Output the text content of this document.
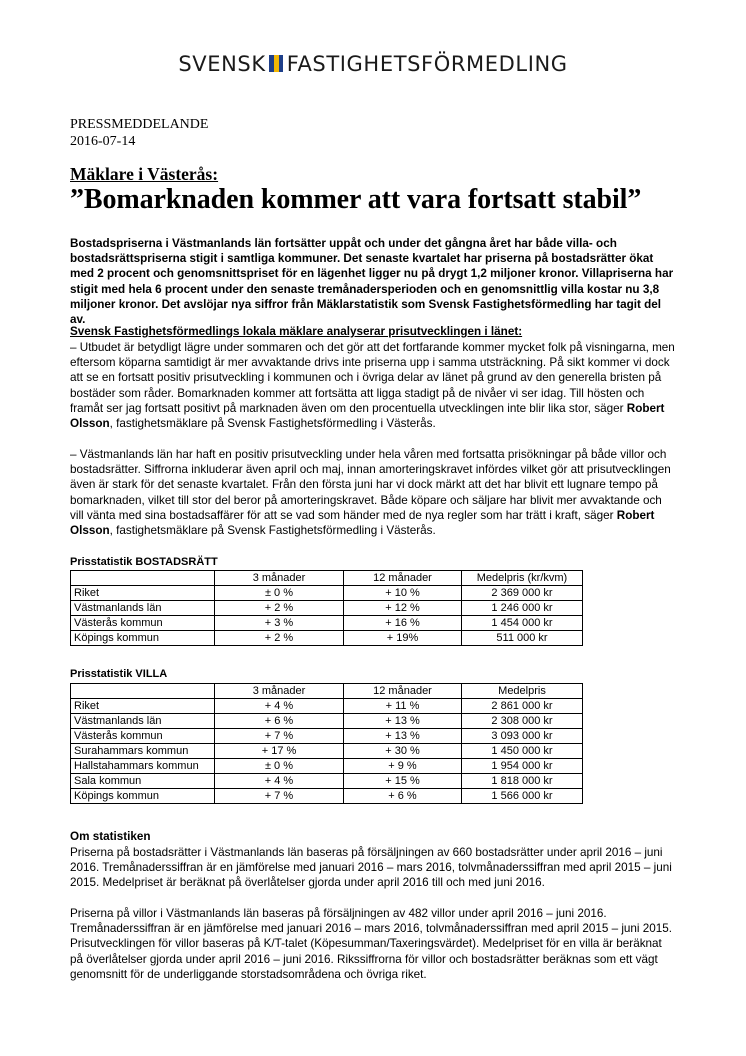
SVENSK FASTIGHETSFÖRMEDLING
PRESSMEDDELANDE
2016-07-14
Mäklare i Västerås:
”Bomarknaden kommer att vara fortsatt stabil”
Bostadspriserna i Västmanlands län fortsätter uppåt och under det gångna året har både villa- och bostadsrättspriserna stigit i samtliga kommuner. Det senaste kvartalet har priserna på bostadsrätter ökat med 2 procent och genomsnittspriset för en lägenhet ligger nu på drygt 1,2 miljoner kronor. Villapriserna har stigit med hela 6 procent under den senaste tremånadersperioden och en genomsnittlig villa kostar nu 3,8 miljoner kronor. Det avslöjar nya siffror från Mäklarstatistik som Svensk Fastighetsförmedling har tagit del av.
Svensk Fastighetsförmedlings lokala mäklare analyserar prisutvecklingen i länet:
– Utbudet är betydligt lägre under sommaren och det gör att det fortfarande kommer mycket folk på visningarna, men eftersom köparna samtidigt är mer avvaktande drivs inte priserna upp i samma utsträckning. På sikt kommer vi dock att se en fortsatt positiv prisutveckling i kommunen och i övriga delar av länet på grund av den generella bristen på bostäder som råder. Bomarknaden kommer att fortsätta att ligga stadigt på de nivåer vi ser idag. Till hösten och framåt ser jag fortsatt positivt på marknaden även om den procentuella utvecklingen inte blir lika stor, säger Robert Olsson, fastighetsmäklare på Svensk Fastighetsförmedling i Västerås.
– Västmanlands län har haft en positiv prisutveckling under hela våren med fortsatta prisökningar på både villor och bostadsrätter. Siffrorna inkluderar även april och maj, innan amorteringskravet infördes vilket gör att prisutvecklingen även är stark för det senaste kvartalet. Från den första juni har vi dock märkt att det har blivit ett lugnare tempo på bomarknaden, vilket till stor del beror på amorteringskravet. Både köpare och säljare har blivit mer avvaktande och vill vänta med sina bostadsaffärer för att se vad som händer med de nya regler som har trätt i kraft, säger Robert Olsson, fastighetsmäklare på Svensk Fastighetsförmedling i Västerås.
Prisstatistik BOSTADSRÄTT
	3 månader	12 månader	Medelpris (kr/kvm)
Riket	± 0 %	+ 10 %	2 369 000 kr
Västmanlands län	+ 2 %	+ 12 %	1 246 000 kr
Västerås kommun	+ 3 %	+ 16 %	1 454 000 kr
Köpings kommun	+ 2 %	+ 19%	511 000 kr
Prisstatistik VILLA
	3 månader	12 månader	Medelpris
Riket	+ 4 %	+ 11 %	2 861 000 kr
Västmanlands län	+ 6 %	+ 13 %	2 308 000 kr
Västerås kommun	+ 7 %	+ 13 %	3 093 000 kr
Surahammars kommun	+ 17 %	+ 30 %	1 450 000 kr
Hallstahammars kommun	± 0 %	+ 9 %	1 954 000 kr
Sala kommun	+ 4 %	+ 15 %	1 818 000 kr
Köpings kommun	+ 7 %	+ 6 %	1 566 000 kr
Om statistiken
Priserna på bostadsrätter i Västmanlands län baseras på försäljningen av 660 bostadsrätter under april 2016 – juni 2016. Tremånaderssiffran är en jämförelse med januari 2016 – mars 2016, tolvmånaderssiffran med april 2015 – juni 2015. Medelpriset är beräknat på överlåtelser gjorda under april 2016 till och med juni 2016.
Priserna på villor i Västmanlands län baseras på försäljningen av 482 villor under april 2016 – juni 2016. Tremånaderssiffran är en jämförelse med januari 2016 – mars 2016, tolvmånaderssiffran med april 2015 – juni 2015. Prisutvecklingen för villor baseras på K/T-talet (Köpesumman/Taxeringsvärdet). Medelpriset för en villa är beräknat på överlåtelser gjorda under april 2016 – juni 2016. Rikssiffrorna för villor och bostadsrätter beräknas som ett vägt genomsnitt för de underliggande storstadsområdena och övriga riket.
